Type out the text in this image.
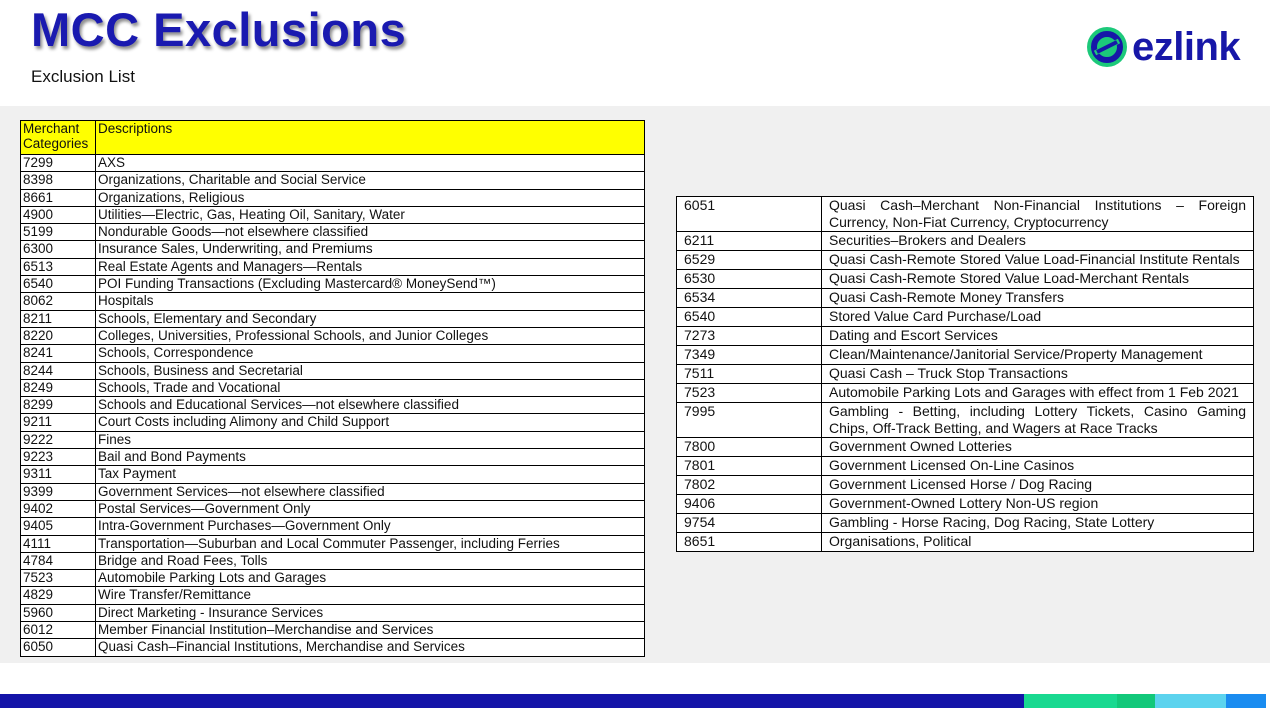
MCC Exclusions
Exclusion List
ezlink
Merchant Categories	Descriptions
7299	AXS
8398	Organizations, Charitable and Social Service
8661	Organizations, Religious
4900	Utilities—Electric, Gas, Heating Oil, Sanitary, Water
5199	Nondurable Goods—not elsewhere classified
6300	Insurance Sales, Underwriting, and Premiums
6513	Real Estate Agents and Managers—Rentals
6540	POI Funding Transactions (Excluding Mastercard® MoneySend™)
8062	Hospitals
8211	Schools, Elementary and Secondary
8220	Colleges, Universities, Professional Schools, and Junior Colleges
8241	Schools, Correspondence
8244	Schools, Business and Secretarial
8249	Schools, Trade and Vocational
8299	Schools and Educational Services—not elsewhere classified
9211	Court Costs including Alimony and Child Support
9222	Fines
9223	Bail and Bond Payments
9311	Tax Payment
9399	Government Services—not elsewhere classified
9402	Postal Services—Government Only
9405	Intra-Government Purchases—Government Only
4111	Transportation—Suburban and Local Commuter Passenger, including Ferries
4784	Bridge and Road Fees, Tolls
7523	Automobile Parking Lots and Garages
4829	Wire Transfer/Remittance
5960	Direct Marketing - Insurance Services
6012	Member Financial Institution–Merchandise and Services
6050	Quasi Cash–Financial Institutions, Merchandise and Services
6051	Quasi Cash–Merchant Non-Financial Institutions – Foreign Currency, Non-Fiat Currency, Cryptocurrency
6211	Securities–Brokers and Dealers
6529	Quasi Cash-Remote Stored Value Load-Financial Institute Rentals
6530	Quasi Cash-Remote Stored Value Load-Merchant Rentals
6534	Quasi Cash-Remote Money Transfers
6540	Stored Value Card Purchase/Load
7273	Dating and Escort Services
7349	Clean/Maintenance/Janitorial Service/Property Management
7511	Quasi Cash – Truck Stop Transactions
7523	Automobile Parking Lots and Garages with effect from 1 Feb 2021
7995	Gambling - Betting, including Lottery Tickets, Casino Gaming Chips, Off-Track Betting, and Wagers at Race Tracks
7800	Government Owned Lotteries
7801	Government Licensed On-Line Casinos
7802	Government Licensed Horse / Dog Racing
9406	Government-Owned Lottery Non-US region
9754	Gambling - Horse Racing, Dog Racing, State Lottery
8651	Organisations, Political
